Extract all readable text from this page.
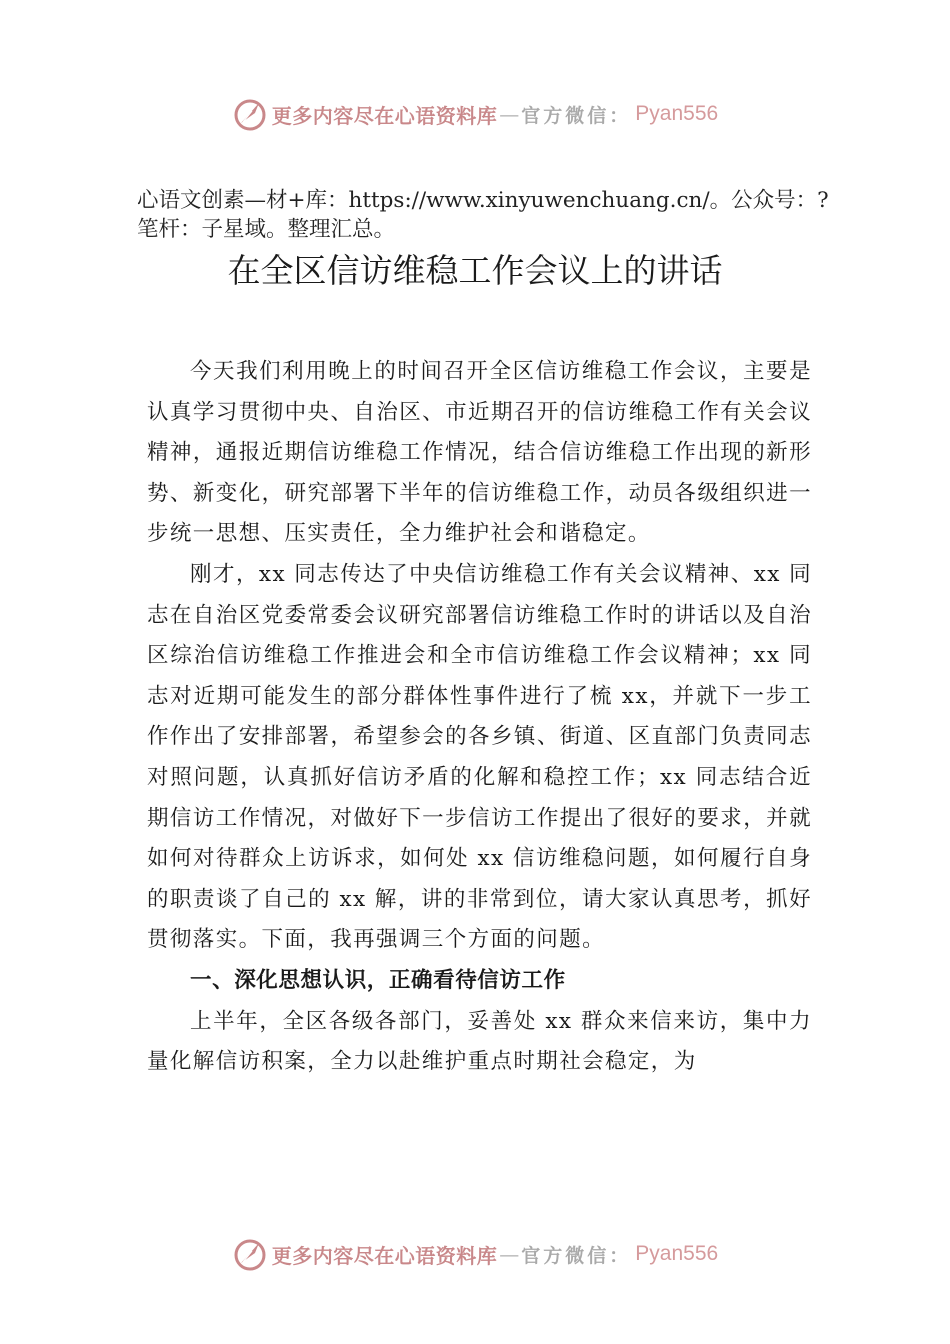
更多内容尽在心语资料库 — 官方微信： Pyan556
心语文创素—材+库：https://www.xinyuwenchuang.cn/。公众号：?笔杆：子星域。整理汇总。
在全区信访维稳工作会议上的讲话

今天我们利用晚上的时间召开全区信访维稳工作会议，主要是认真学习贯彻中央、自治区、市近期召开的信访维稳工作有关会议精神，通报近期信访维稳工作情况，结合信访维稳工作出现的新形势、新变化，研究部署下半年的信访维稳工作，动员各级组织进一步统一思想、压实责任，全力维护社会和谐稳定。

刚才，xx 同志传达了中央信访维稳工作有关会议精神、xx 同志在自治区党委常委会议研究部署信访维稳工作时的讲话以及自治区综治信访维稳工作推进会和全市信访维稳工作会议精神；xx 同志对近期可能发生的部分群体性事件进行了梳 xx，并就下一步工作作出了安排部署，希望参会的各乡镇、街道、区直部门负责同志对照问题，认真抓好信访矛盾的化解和稳控工作；xx 同志结合近期信访工作情况，对做好下一步信访工作提出了很好的要求，并就如何对待群众上访诉求，如何处 xx 信访维稳问题，如何履行自身的职责谈了自己的 xx 解，讲的非常到位，请大家认真思考，抓好贯彻落实。下面，我再强调三个方面的问题。

一、深化思想认识，正确看待信访工作

上半年，全区各级各部门，妥善处 xx 群众来信来访，集中力量化解信访积案，全力以赴维护重点时期社会稳定，为

更多内容尽在心语资料库 — 官方微信： Pyan556
